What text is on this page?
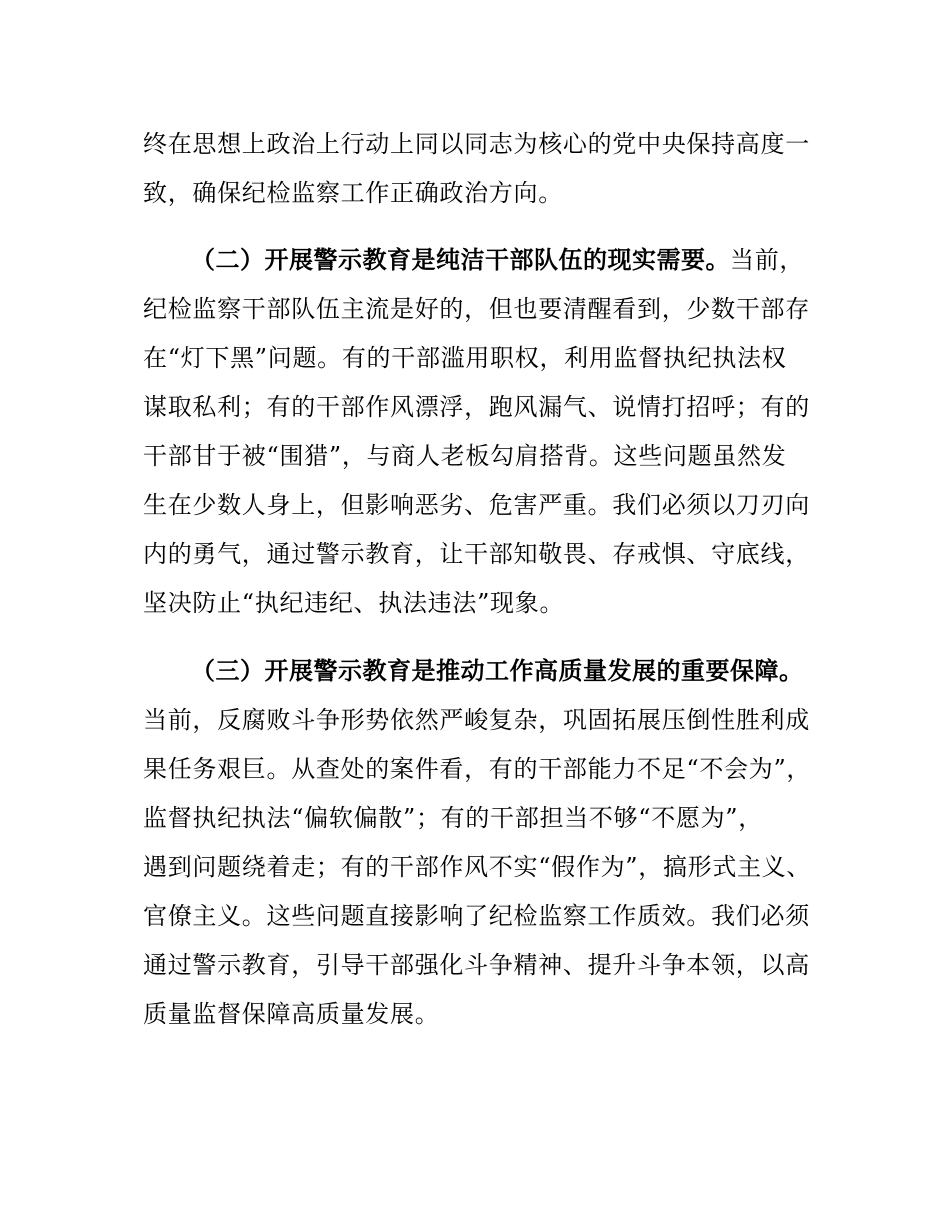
终在思想上政治上行动上同以同志为核心的党中央保持高度一
致，确保纪检监察工作正确政治方向。
（二）开展警示教育是纯洁干部队伍的现实需要。当前，
纪检监察干部队伍主流是好的，但也要清醒看到，少数干部存
在“灯下黑”问题。有的干部滥用职权，利用监督执纪执法权
谋取私利；有的干部作风漂浮，跑风漏气、说情打招呼；有的
干部甘于被“围猎”，与商人老板勾肩搭背。这些问题虽然发
生在少数人身上，但影响恶劣、危害严重。我们必须以刀刃向
内的勇气，通过警示教育，让干部知敬畏、存戒惧、守底线，
坚决防止“执纪违纪、执法违法”现象。
（三）开展警示教育是推动工作高质量发展的重要保障。
当前，反腐败斗争形势依然严峻复杂，巩固拓展压倒性胜利成
果任务艰巨。从查处的案件看，有的干部能力不足“不会为”，
监督执纪执法“偏软偏散”；有的干部担当不够“不愿为”，
遇到问题绕着走；有的干部作风不实“假作为”，搞形式主义、
官僚主义。这些问题直接影响了纪检监察工作质效。我们必须
通过警示教育，引导干部强化斗争精神、提升斗争本领，以高
质量监督保障高质量发展。
